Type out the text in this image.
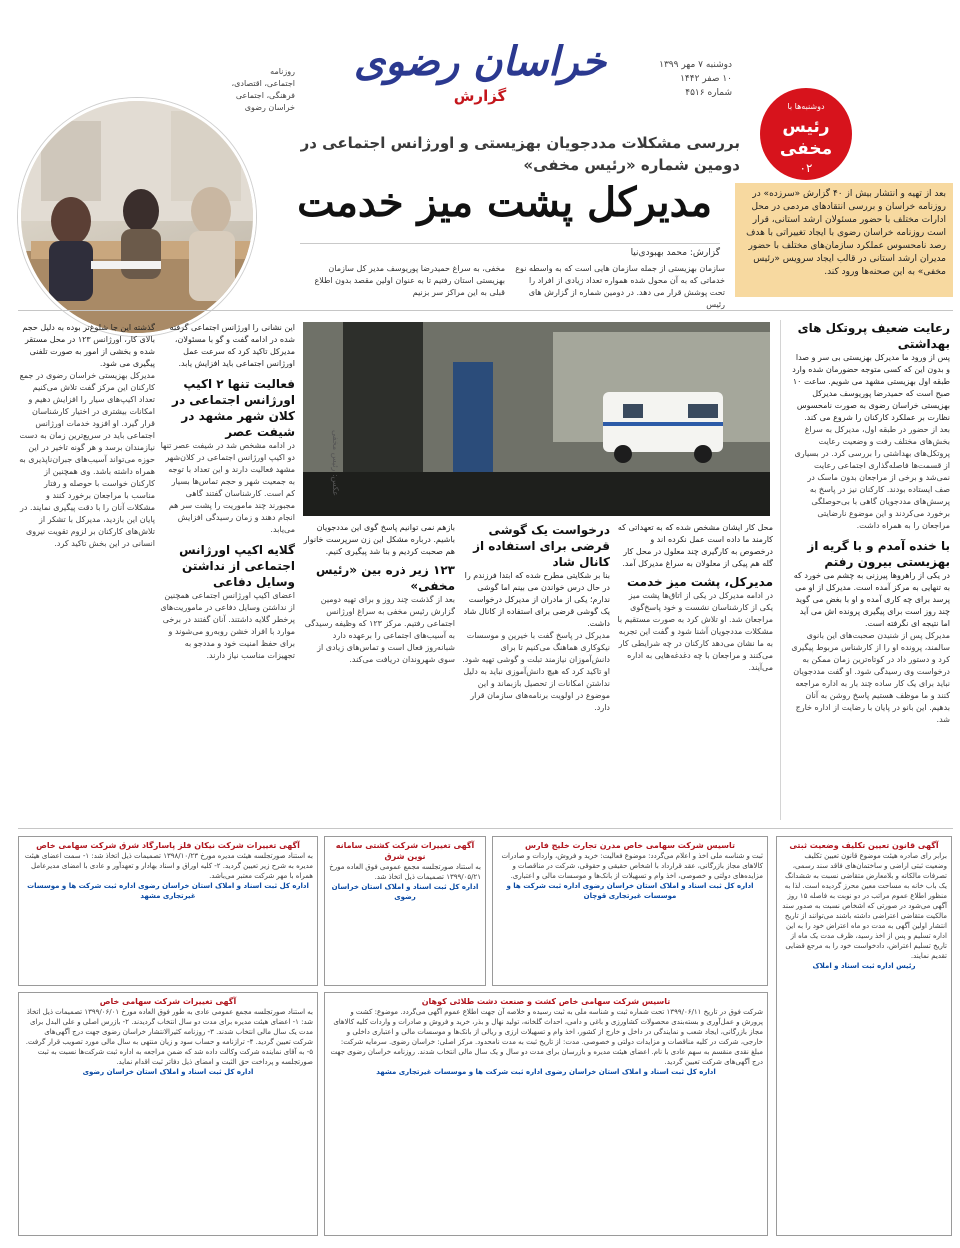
دوشنبه ۷ مهر ۱۳۹۹
۱۰ صفر ۱۴۴۲
شماره ۴۵۱۶
خراسان رضوی
گزارش
روزنامه
اجتماعی، اقتصادی، فرهنگی، اجتماعی
خراسان رضوی	دوشنبه‌ها با
رئیس مخفی
۰۲
بررسی مشکلات مددجویان بهزیستی و اورژانس اجتماعی در دومین شماره «رئیس مخفی»
مدیرکل پشت میز خدمت	بعد از تهیه و انتشار بیش از ۴۰ گزارش «سرزده» در روزنامه خراسان و بررسی انتقادهای مردمی در محل ادارات مختلف با حضور مسئولان ارشد استانی، قرار است روزنامه خراسان رضوی با ایجاد تغییراتی با هدف رصد نامحسوس عملکرد سازمان‌های مختلف با حضور مدیران ارشد استانی در قالب ایجاد سرویس «رئیس مخفی» به این صحنه‌ها ورود کند.
گزارش: محمد بهبودی‌نیا
سازمان بهزیستی از جمله سازمان هایی است که به واسطه نوع خدماتی که به آن محول شده همواره تعداد زیادی از افراد را تحت پوشش قرار می دهد. در دومین شماره از گزارش های رئیس
مخفی، به سراغ حمیدرضا پوریوسف مدیر کل سازمان بهزیستی استان رفتیم تا به عنوان اولین مقصد بدون اطلاع قبلی به این مراکز سر بزنیم
عکس: رئیس مخفی
رعایت ضعیف پروتکل های بهداشتی
پس از ورود ما مدیرکل بهزیستی بی سر و صدا و بدون این که کسی متوجه حضورمان شده وارد طبقه اول بهزیستی مشهد می شویم. ساعت ۱۰ صبح است که حمیدرضا پوریوسف مدیرکل بهزیستی خراسان رضوی به صورت نامحسوس نظارت بر عملکرد کارکنان را شروع می کند.
بعد از حضور در طبقه اول، مدیرکل به سراغ بخش‌های مختلف رفت و وضعیت رعایت پروتکل‌های بهداشتی را بررسی کرد. در بسیاری از قسمت‌ها فاصله‌گذاری اجتماعی رعایت نمی‌شد و برخی از مراجعان بدون ماسک در صف ایستاده بودند. کارکنان نیز در پاسخ به پرسش‌های مددجویان گاهی با بی‌حوصلگی برخورد می‌کردند و این موضوع نارضایتی مراجعان را به همراه داشت.
با خنده آمدم و با گریه از بهزیستی بیرون رفتم
در یکی از راهروها پیرزنی به چشم می خورد که به تنهایی به مرکز آمده است. مدیرکل از او می پرسد برای چه کاری آمده و او با بغض می گوید چند روز است برای پیگیری پرونده اش می آید اما نتیجه ای نگرفته است.
مدیرکل پس از شنیدن صحبت‌های این بانوی سالمند، پرونده او را از کارشناس مربوط پیگیری کرد و دستور داد در کوتاه‌ترین زمان ممکن به درخواست وی رسیدگی شود. او گفت مددجویان نباید برای یک کار ساده چند بار به اداره مراجعه کنند و ما موظف هستیم پاسخ روشن به آنان بدهیم. این بانو در پایان با رضایت از اداره خارج شد.
محل کار ایشان مشخص شده که به تعهداتی که کارمند ما داده است عمل نکرده اند و درخصوص به کارگیری چند معلول در محل کار گله هم پیکی از معلولان به سراغ مدیرکل آمد.
مدیرکل، پشت میز خدمت
در ادامه مدیرکل در یکی از اتاق‌ها پشت میز یکی از کارشناسان نشست و خود پاسخ‌گوی مراجعان شد. او تلاش کرد به صورت مستقیم با مشکلات مددجویان آشنا شود و گفت این تجربه به ما نشان می‌دهد کارکنان در چه شرایطی کار می‌کنند و مراجعان با چه دغدغه‌هایی به اداره می‌آیند.
درخواست یک گوشی قرضی برای استفاده از کانال شاد
بنا بر شکایتی مطرح شده که ابتدا فرزندم را در حال درس خواندن می بینم اما گوشی ندارم؛ یکی از مادران از مدیرکل درخواست یک گوشی قرضی برای استفاده از کانال شاد داشت.
مدیرکل در پاسخ گفت با خیرین و موسسات نیکوکاری هماهنگ می‌کنیم تا برای دانش‌آموزان نیازمند تبلت و گوشی تهیه شود. او تاکید کرد که هیچ دانش‌آموزی نباید به دلیل نداشتن امکانات از تحصیل بازبماند و این موضوع در اولویت برنامه‌های سازمان قرار دارد.
بازهم نمی توانیم پاسخ گوی این مددجویان باشیم. درباره مشکل این زن سرپرست خانوار هم صحبت کردیم و بنا شد پیگیری کنیم.
۱۲۳ زیر ذره بین «رئیس مخفی»
بعد از گذشت چند روز و برای تهیه دومین گزارش رئیس مخفی به سراغ اورژانس اجتماعی رفتیم. مرکز ۱۲۳ که وظیفه رسیدگی به آسیب‌های اجتماعی را برعهده دارد شبانه‌روز فعال است و تماس‌های زیادی از سوی شهروندان دریافت می‌کند.
این نشانی را اورژانس اجتماعی گرفته شده در ادامه گفت و گو با مسئولان، مدیرکل تاکید کرد که سرعت عمل اورژانس اجتماعی باید افزایش یابد.
فعالیت تنها ۲ اکیپ اورژانس اجتماعی در کلان شهر مشهد در شیفت عصر
در ادامه مشخص شد در شیفت عصر تنها دو اکیپ اورژانس اجتماعی در کلان‌شهر مشهد فعالیت دارند و این تعداد با توجه به جمعیت شهر و حجم تماس‌ها بسیار کم است. کارشناسان گفتند گاهی مجبورند چند ماموریت را پشت سر هم انجام دهند و زمان رسیدگی افزایش می‌یابد.
گلایه اکیپ اورژانس اجتماعی از نداشتن وسایل دفاعی
اعضای اکیپ اورژانس اجتماعی همچنین از نداشتن وسایل دفاعی در ماموریت‌های پرخطر گلایه داشتند. آنان گفتند در برخی موارد با افراد خشن روبه‌رو می‌شوند و برای حفظ امنیت خود و مددجو به تجهیزات مناسب نیاز دارند.
گذشته این جا شلوغ‌تر بوده به دلیل حجم بالای کار، اورژانس ۱۲۳ در محل مستقر شده و بخشی از امور به صورت تلفنی پیگیری می شود.
مدیرکل بهزیستی خراسان رضوی در جمع کارکنان این مرکز گفت تلاش می‌کنیم تعداد اکیپ‌های سیار را افزایش دهیم و امکانات بیشتری در اختیار کارشناسان قرار گیرد. او افزود خدمات اورژانس اجتماعی باید در سریع‌ترین زمان به دست نیازمندان برسد و هر گونه تاخیر در این حوزه می‌تواند آسیب‌های جبران‌ناپذیری به همراه داشته باشد. وی همچنین از کارکنان خواست با حوصله و رفتار مناسب با مراجعان برخورد کنند و مشکلات آنان را با دقت پیگیری نمایند. در پایان این بازدید، مدیرکل با تشکر از تلاش‌های کارکنان بر لزوم تقویت نیروی انسانی در این بخش تاکید کرد.
آگهی تغییرات شرکت نیکان فلز پاسارگاد شرق شرکت سهامی خاص
به استناد صورتجلسه هیئت مدیره مورخ ۱۳۹۸/۱۰/۲۳ تصمیمات ذیل اتخاذ شد: ۱- سمت اعضای هیئت مدیره به شرح زیر تعیین گردید. ۲- کلیه اوراق و اسناد بهادار و تعهدآور و عادی با امضای مدیرعامل همراه با مهر شرکت معتبر می‌باشد.
اداره کل ثبت اسناد و املاک استان خراسان رضوی اداره ثبت شرکت ها و موسسات غیرتجاری مشهد
آگهی تغییرات شرکت کشتی سامانه نوین شرق
به استناد صورتجلسه مجمع عمومی فوق العاده مورخ ۱۳۹۹/۰۵/۲۱ تصمیمات ذیل اتخاذ شد.
اداره کل ثبت اسناد و املاک استان خراسان رضوی
تاسیس شرکت سهامی خاص مدرن تجارت خلیج فارس
ثبت و شناسه ملی اخذ و اعلام می‌گردد: موضوع فعالیت: خرید و فروش، واردات و صادرات کالاهای مجاز بازرگانی، عقد قرارداد با اشخاص حقیقی و حقوقی، شرکت در مناقصات و مزایده‌های دولتی و خصوصی، اخذ وام و تسهیلات از بانک‌ها و موسسات مالی و اعتباری.
اداره کل ثبت اسناد و املاک استان خراسان رضوی اداره ثبت شرکت ها و موسسات غیرتجاری قوچان
آگهی قانون تعیین تکلیف وضعیت ثبتی
برابر رای صادره هیئت موضوع قانون تعیین تکلیف وضعیت ثبتی اراضی و ساختمان‌های فاقد سند رسمی، تصرفات مالکانه و بلامعارض متقاضی نسبت به ششدانگ یک باب خانه به مساحت معین محرز گردیده است. لذا به منظور اطلاع عموم مراتب در دو نوبت به فاصله ۱۵ روز آگهی می‌شود در صورتی که اشخاص نسبت به صدور سند مالکیت متقاضی اعتراضی داشته باشند می‌توانند از تاریخ انتشار اولین آگهی به مدت دو ماه اعتراض خود را به این اداره تسلیم و پس از اخذ رسید، ظرف مدت یک ماه از تاریخ تسلیم اعتراض، دادخواست خود را به مرجع قضایی تقدیم نمایند.
رئیس اداره ثبت اسناد و املاک
آگهی تغییرات شرکت سهامی خاص
به استناد صورتجلسه مجمع عمومی عادی به طور فوق العاده مورخ ۱۳۹۹/۰۶/۰۱ تصمیمات ذیل اتخاذ شد: ۱- اعضای هیئت مدیره برای مدت دو سال انتخاب گردیدند. ۲- بازرس اصلی و علی البدل برای مدت یک سال مالی انتخاب شدند. ۳- روزنامه کثیرالانتشار خراسان رضوی جهت درج آگهی‌های شرکت تعیین گردید. ۴- ترازنامه و حساب سود و زیان منتهی به سال مالی مورد تصویب قرار گرفت. ۵- به آقای نماینده شرکت وکالت داده شد که ضمن مراجعه به اداره ثبت شرکت‌ها نسبت به ثبت صورتجلسه و پرداخت حق الثبت و امضای ذیل دفاتر ثبت اقدام نماید.
اداره کل ثبت اسناد و املاک استان خراسان رضوی
تاسیس شرکت سهامی خاص کشت و صنعت دشت طلائی کوهان
شرکت فوق در تاریخ ۱۳۹۹/۰۶/۱۱ تحت شماره ثبت و شناسه ملی به ثبت رسیده و خلاصه آن جهت اطلاع عموم آگهی می‌گردد. موضوع: کشت و پرورش و عمل‌آوری و بسته‌بندی محصولات کشاورزی و باغی و دامی، احداث گلخانه، تولید نهال و بذر، خرید و فروش و صادرات و واردات کلیه کالاهای مجاز بازرگانی، ایجاد شعب و نمایندگی در داخل و خارج از کشور، اخذ وام و تسهیلات ارزی و ریالی از بانک‌ها و موسسات مالی و اعتباری داخلی و خارجی، شرکت در کلیه مناقصات و مزایدات دولتی و خصوصی. مدت: از تاریخ ثبت به مدت نامحدود. مرکز اصلی: خراسان رضوی. سرمایه شرکت: مبلغ نقدی منقسم به سهم عادی با نام. اعضای هیئت مدیره و بازرسان برای مدت دو سال و یک سال مالی انتخاب شدند. روزنامه خراسان رضوی جهت درج آگهی‌های شرکت تعیین گردید.
اداره کل ثبت اسناد و املاک استان خراسان رضوی اداره ثبت شرکت ها و موسسات غیرتجاری مشهد
